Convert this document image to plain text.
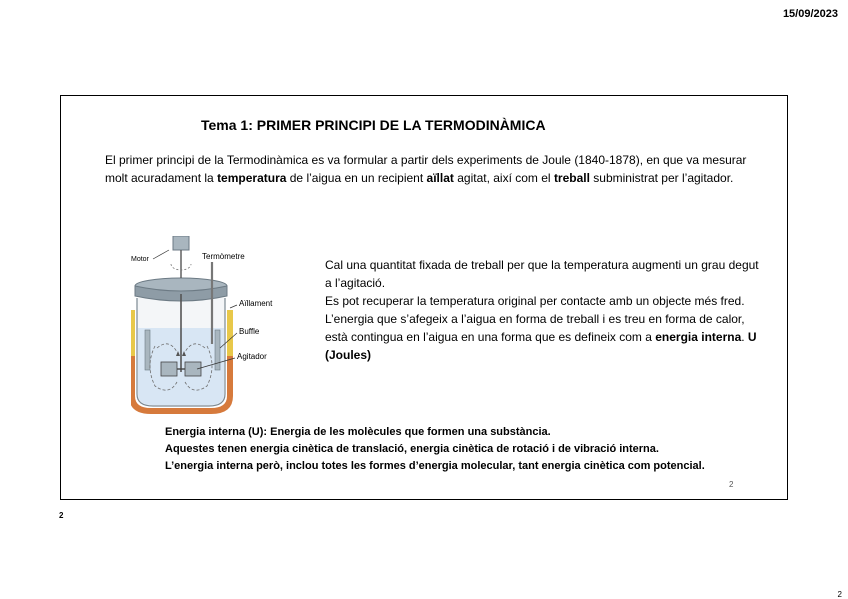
15/09/2023
Tema 1: PRIMER PRINCIPI DE LA TERMODINÀMICA

El primer principi de la Termodinàmica es va formular a partir dels experiments de Joule (1840-1878), en que va mesurar molt acuradament la temperatura de l’aigua en un recipient aïllat agitat, així com el treball subministrat per l’agitador.

Motor	Termòmetre
Aïllament
Buffle
Agitador

Cal una quantitat fixada de treball per que la temperatura augmenti un grau degut a l’agitació.
Es pot recuperar la temperatura original per contacte amb un objecte més fred.
L’energia que s’afegeix a l’aigua en forma de treball i es treu en forma de calor, està contingua en l’aigua en una forma que es defineix com a energia interna. U (Joules)

Energia interna (U): Energia de les molècules que formen una substància.
Aquestes tenen energia cinètica de translació, energia cinètica de rotació i de vibració interna.
L’energia interna però, inclou totes les formes d’energia molecular, tant energia cinètica com potencial.
2
2
2
